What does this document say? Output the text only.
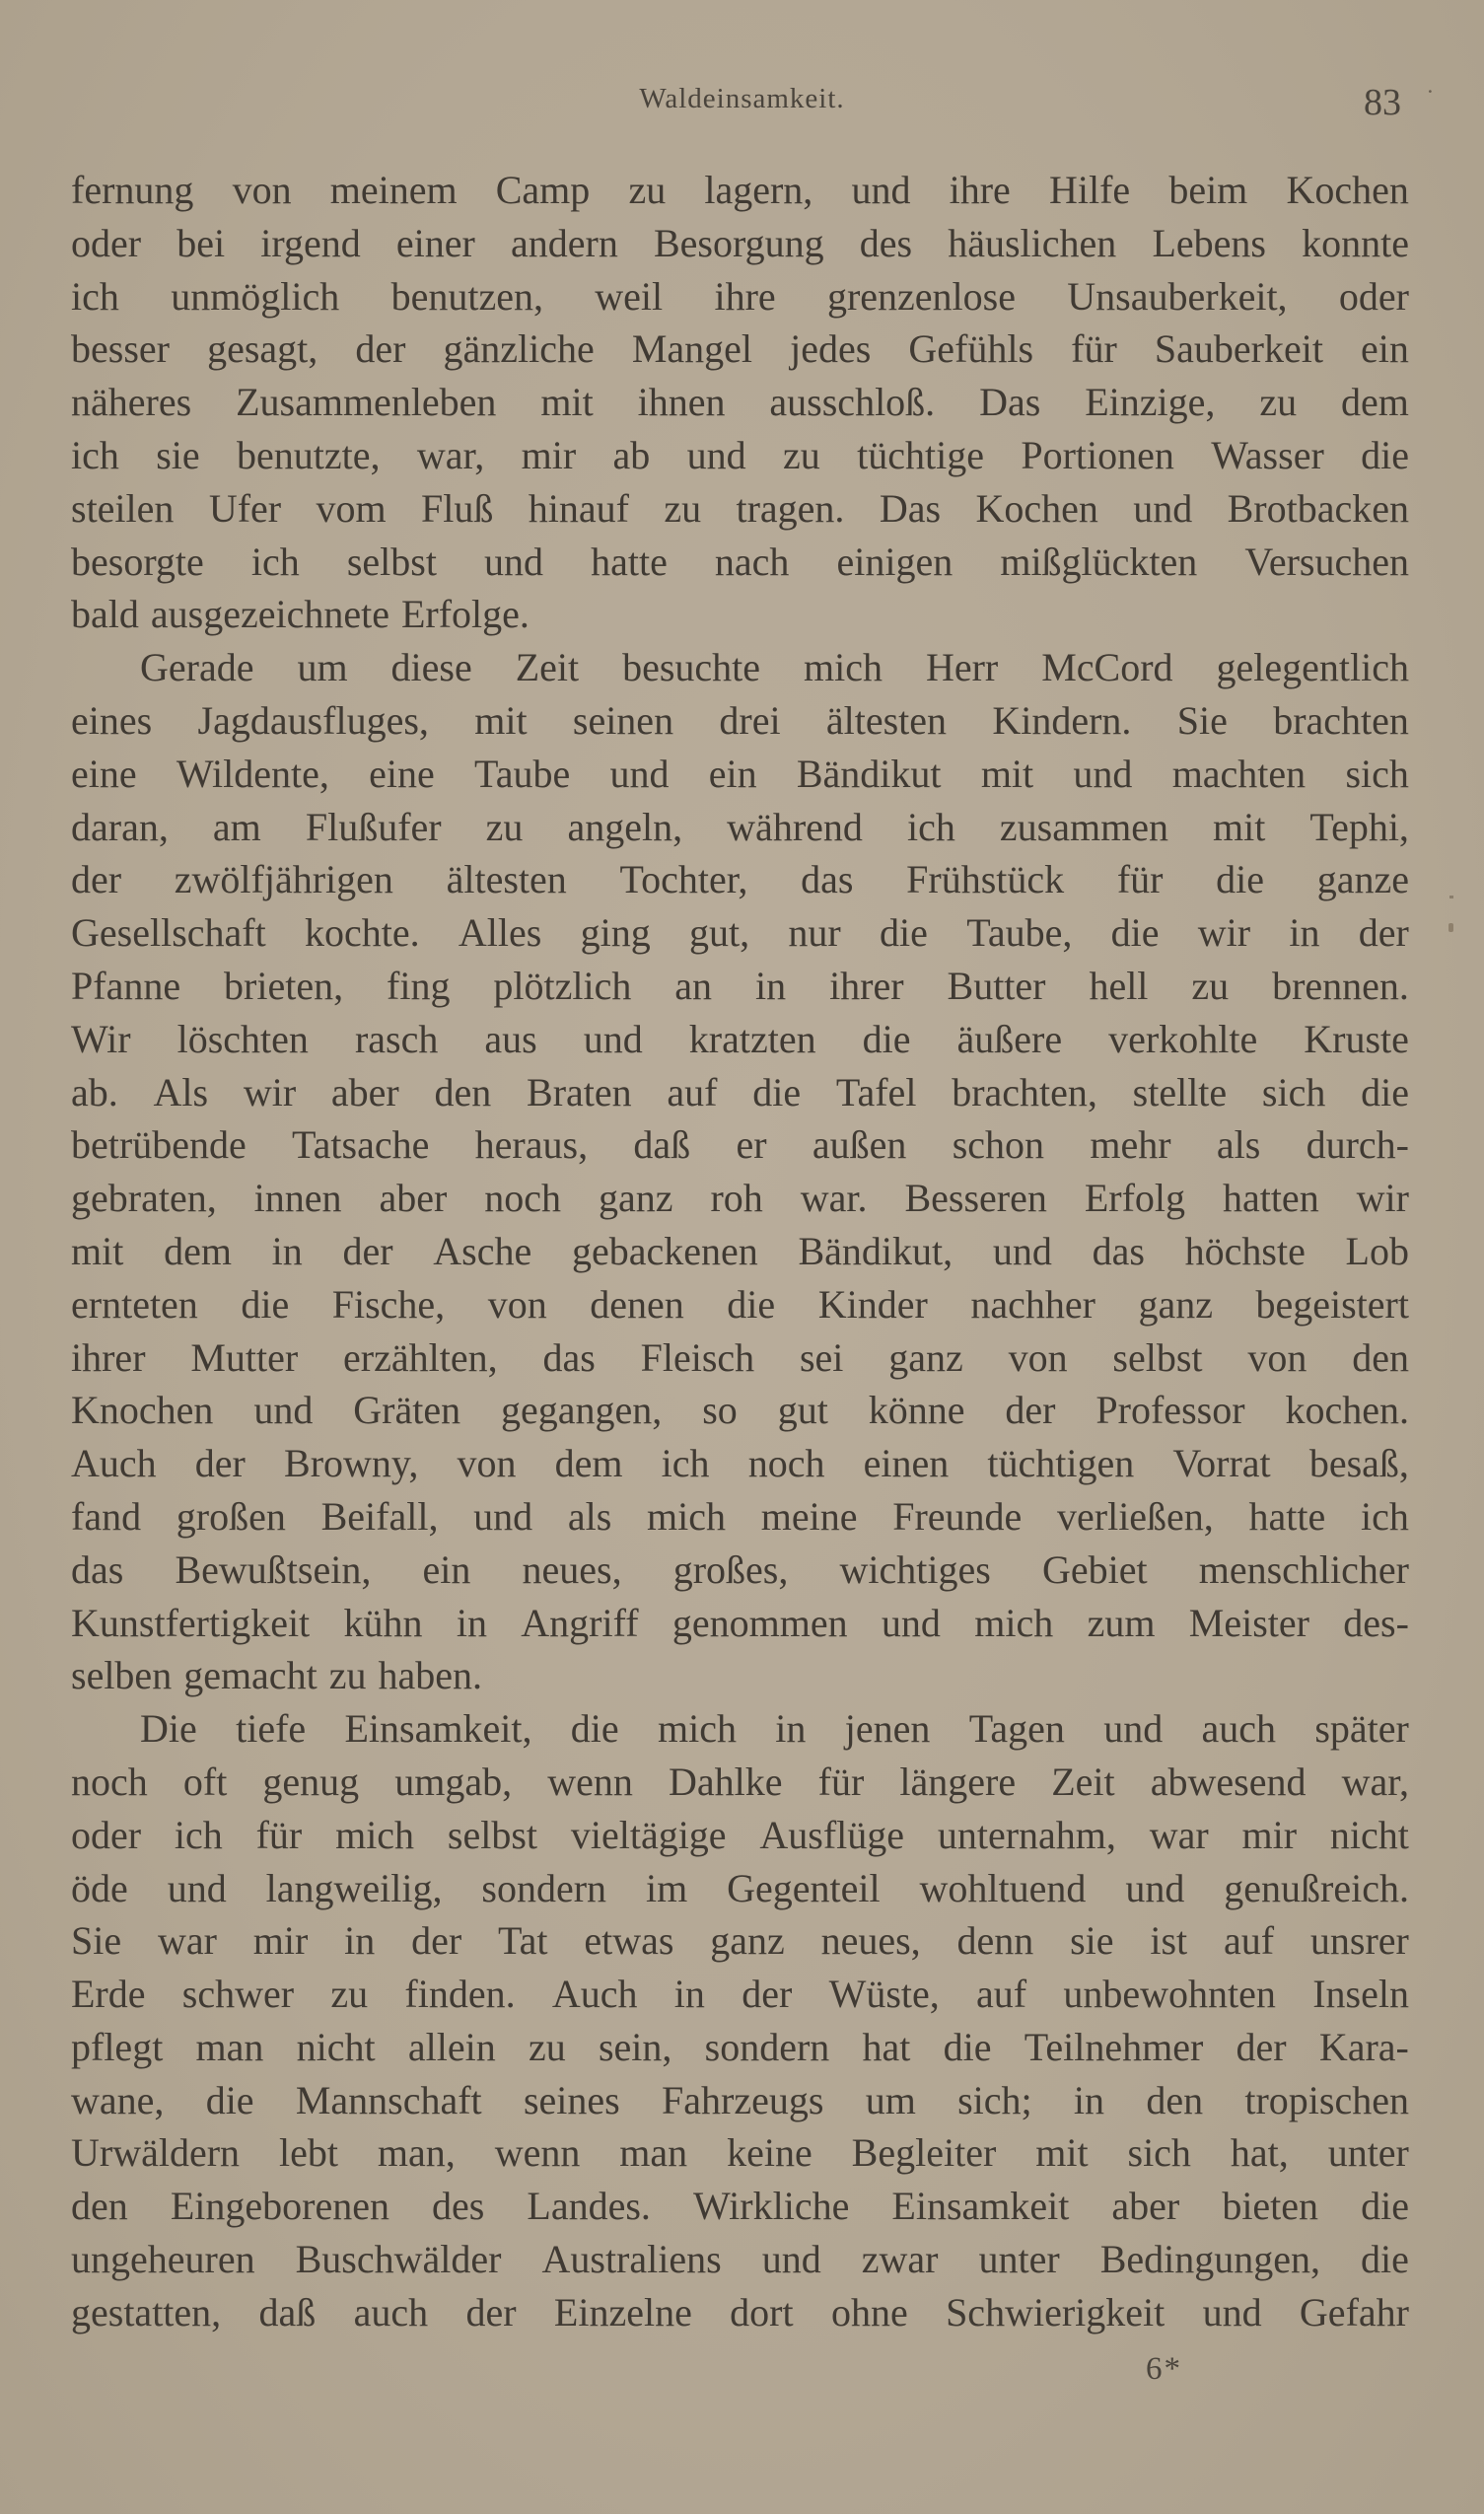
Waldeinsamkeit.	83 ˙
fernung von meinem Camp zu lagern, und ihre Hilfe beim Kochen
oder bei irgend einer andern Besorgung des häuslichen Lebens konnte
ich unmöglich benutzen, weil ihre grenzenlose Unsauberkeit, oder
besser gesagt, der gänzliche Mangel jedes Gefühls für Sauberkeit ein
näheres Zusammenleben mit ihnen ausschloß. Das Einzige, zu dem
ich sie benutzte, war, mir ab und zu tüchtige Portionen Wasser die
steilen Ufer vom Fluß hinauf zu tragen. Das Kochen und Brotbacken
besorgte ich selbst und hatte nach einigen mißglückten Versuchen
bald ausgezeichnete Erfolge.
Gerade um diese Zeit besuchte mich Herr McCord gelegentlich
eines Jagdausfluges, mit seinen drei ältesten Kindern. Sie brachten
eine Wildente, eine Taube und ein Bändikut mit und machten sich
daran, am Flußufer zu angeln, während ich zusammen mit Tephi,
der zwölfjährigen ältesten Tochter, das Frühstück für die ganze
Gesellschaft kochte. Alles ging gut, nur die Taube, die wir in der
Pfanne brieten, fing plötzlich an in ihrer Butter hell zu brennen.
Wir löschten rasch aus und kratzten die äußere verkohlte Kruste
ab. Als wir aber den Braten auf die Tafel brachten, stellte sich die
betrübende Tatsache heraus, daß er außen schon mehr als durch-
gebraten, innen aber noch ganz roh war. Besseren Erfolg hatten wir
mit dem in der Asche gebackenen Bändikut, und das höchste Lob
ernteten die Fische, von denen die Kinder nachher ganz begeistert
ihrer Mutter erzählten, das Fleisch sei ganz von selbst von den
Knochen und Gräten gegangen, so gut könne der Professor kochen.
Auch der Browny, von dem ich noch einen tüchtigen Vorrat besaß,
fand großen Beifall, und als mich meine Freunde verließen, hatte ich
das Bewußtsein, ein neues, großes, wichtiges Gebiet menschlicher
Kunstfertigkeit kühn in Angriff genommen und mich zum Meister des-
selben gemacht zu haben.
Die tiefe Einsamkeit, die mich in jenen Tagen und auch später
noch oft genug umgab, wenn Dahlke für längere Zeit abwesend war,
oder ich für mich selbst vieltägige Ausflüge unternahm, war mir nicht
öde und langweilig, sondern im Gegenteil wohltuend und genußreich.
Sie war mir in der Tat etwas ganz neues, denn sie ist auf unsrer
Erde schwer zu finden. Auch in der Wüste, auf unbewohnten Inseln
pflegt man nicht allein zu sein, sondern hat die Teilnehmer der Kara-
wane, die Mannschaft seines Fahrzeugs um sich; in den tropischen
Urwäldern lebt man, wenn man keine Begleiter mit sich hat, unter
den Eingeborenen des Landes. Wirkliche Einsamkeit aber bieten die
ungeheuren Buschwälder Australiens und zwar unter Bedingungen, die
gestatten, daß auch der Einzelne dort ohne Schwierigkeit und Gefahr
6*
